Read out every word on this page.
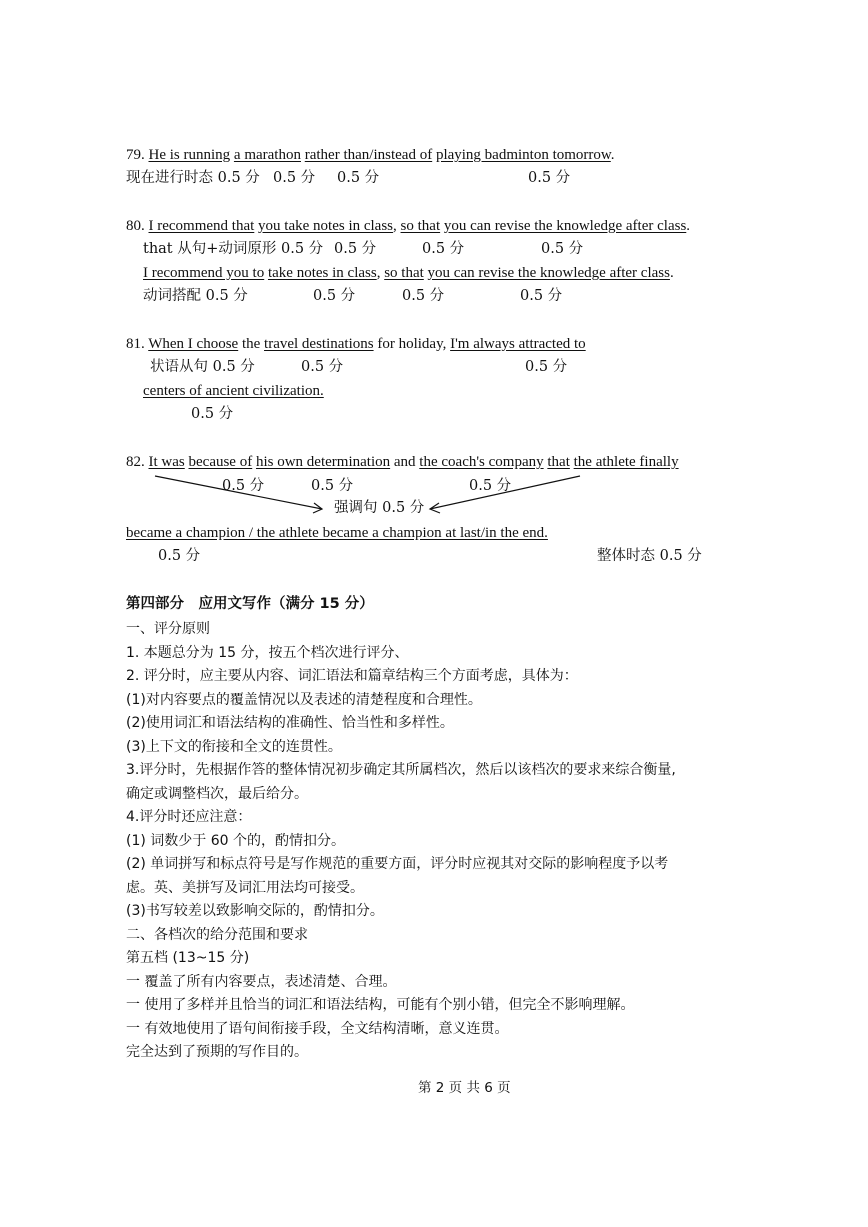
79. He is running a marathon rather than/instead of playing badminton tomorrow.
现在进行时态 0.5 分 0.5 分 0.5 分	0.5 分
80. I recommend that you take notes in class, so that you can revise the knowledge after class.
that 从句+动词原形 0.5 分 0.5 分	0.5 分	0.5 分
I recommend you to take notes in class, so that you can revise the knowledge after class.
动词搭配 0.5 分	0.5 分	0.5 分	0.5 分
81. When I choose the travel destinations for holiday, I'm always attracted to
状语从句 0.5 分	0.5 分	0.5 分
centers of ancient civilization.
0.5 分
82. It was because of his own determination and the coach's company that the athlete finally
0.5 分	0.5 分	0.5 分
强调句 0.5 分
became a champion / the athlete became a champion at last/in the end.
0.5 分	整体时态 0.5 分
第四部分　应用文写作（满分 15 分）
一、评分原则
1. 本题总分为 15 分，按五个档次进行评分、
2. 评分时，应主要从内容、词汇语法和篇章结构三个方面考虑，具体为：
(1)对内容要点的覆盖情况以及表述的清楚程度和合理性。
(2)使用词汇和语法结构的准确性、恰当性和多样性。
(3)上下文的衔接和全文的连贯性。
3.评分时，先根据作答的整体情况初步确定其所属档次，然后以该档次的要求来综合衡量,
确定或调整档次，最后给分。
4.评分时还应注意：
(1) 词数少于 60 个的，酌情扣分。
(2) 单词拼写和标点符号是写作规范的重要方面，评分时应视其对交际的影响程度予以考
虑。英、美拼写及词汇用法均可接受。
(3)书写较差以致影响交际的，酌情扣分。
二、各档次的给分范围和要求
第五档 (13~15 分)
一 覆盖了所有内容要点，表述清楚、合理。
一 使用了多样并且恰当的词汇和语法结构，可能有个别小错，但完全不影响理解。
一 有效地使用了语句间衔接手段，全文结构清晰，意义连贯。
完全达到了预期的写作目的。
第 2 页 共 6 页
